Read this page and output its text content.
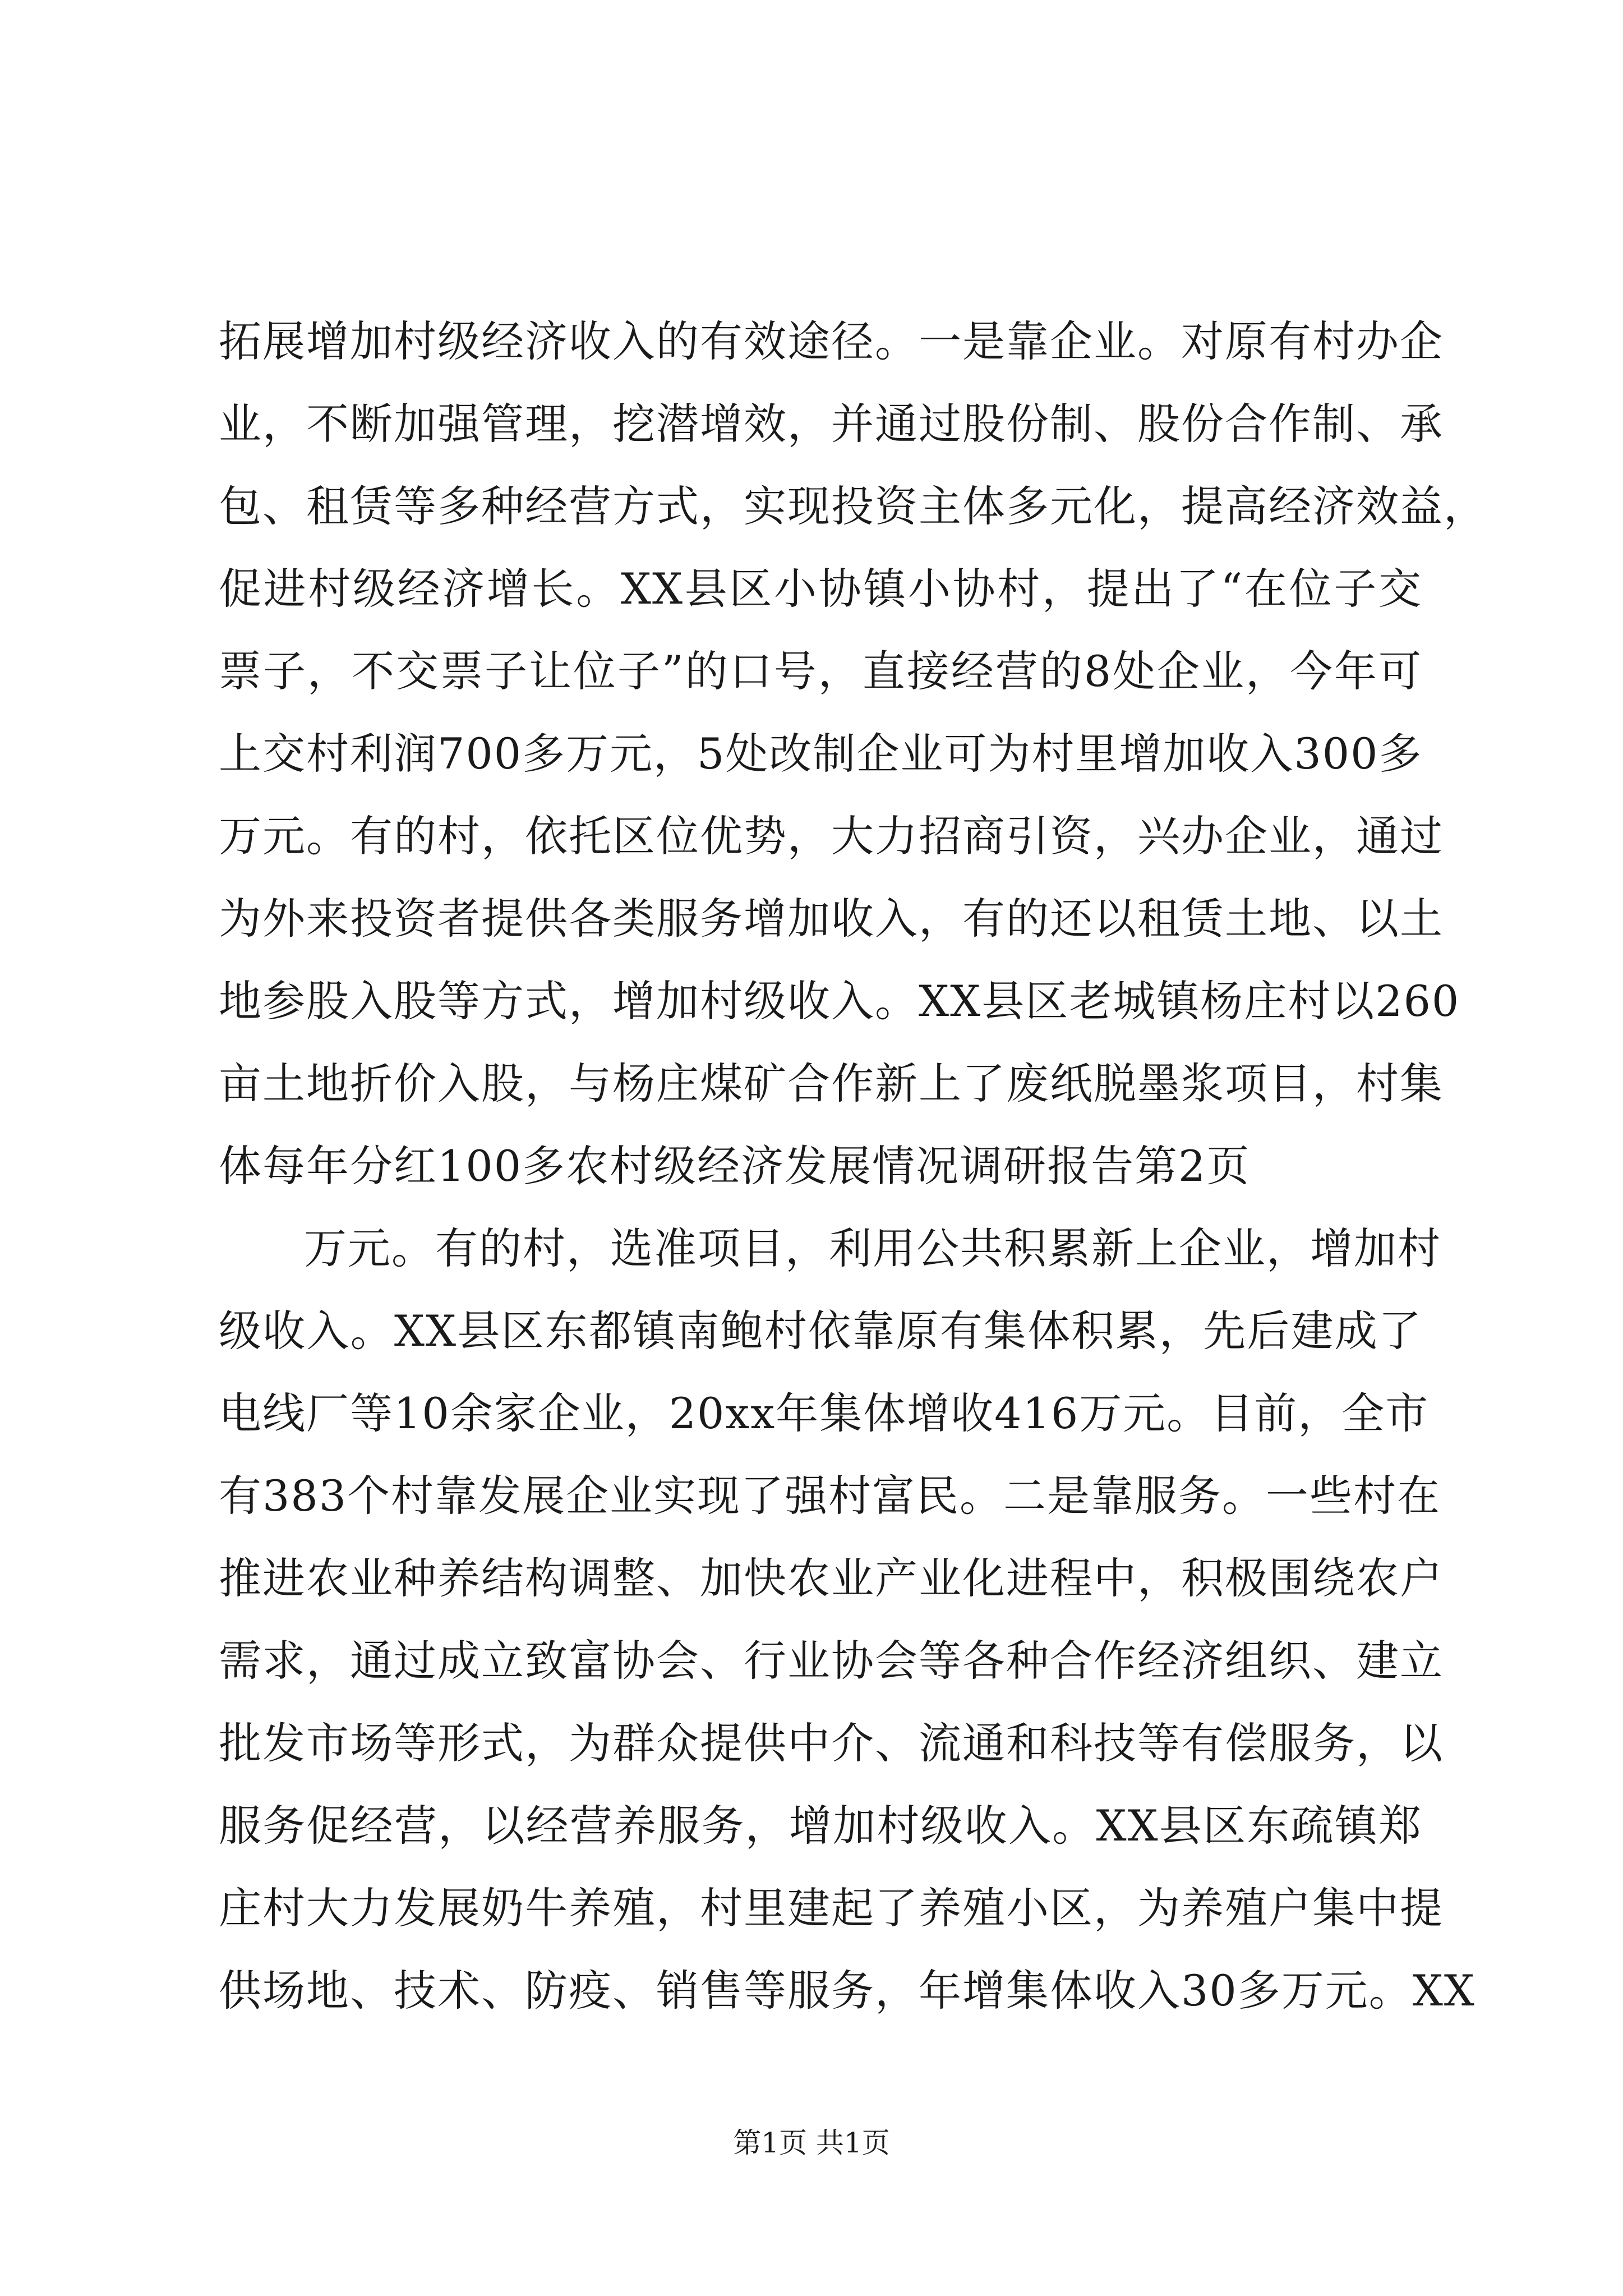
拓展增加村级经济收入的有效途径。一是靠企业。对原有村办企
业，不断加强管理，挖潜增效，并通过股份制、股份合作制、承
包、租赁等多种经营方式，实现投资主体多元化，提高经济效益，
促进村级经济增长。XX县区小协镇小协村，提出了“在位子交
票子，不交票子让位子”的口号，直接经营的8处企业，今年可
上交村利润700多万元，5处改制企业可为村里增加收入300多
万元。有的村，依托区位优势，大力招商引资，兴办企业，通过
为外来投资者提供各类服务增加收入，有的还以租赁土地、以土
地参股入股等方式，增加村级收入。XX县区老城镇杨庄村以260
亩土地折价入股，与杨庄煤矿合作新上了废纸脱墨浆项目，村集
体每年分红100多农村级经济发展情况调研报告第2页
万元。有的村，选准项目，利用公共积累新上企业，增加村
级收入。XX县区东都镇南鲍村依靠原有集体积累，先后建成了
电线厂等10余家企业，20xx年集体增收416万元。目前，全市
有383个村靠发展企业实现了强村富民。二是靠服务。一些村在
推进农业种养结构调整、加快农业产业化进程中，积极围绕农户
需求，通过成立致富协会、行业协会等各种合作经济组织、建立
批发市场等形式，为群众提供中介、流通和科技等有偿服务，以
服务促经营，以经营养服务，增加村级收入。XX县区东疏镇郑
庄村大力发展奶牛养殖，村里建起了养殖小区，为养殖户集中提
供场地、技术、防疫、销售等服务，年增集体收入30多万元。XX
第1页 共1页
